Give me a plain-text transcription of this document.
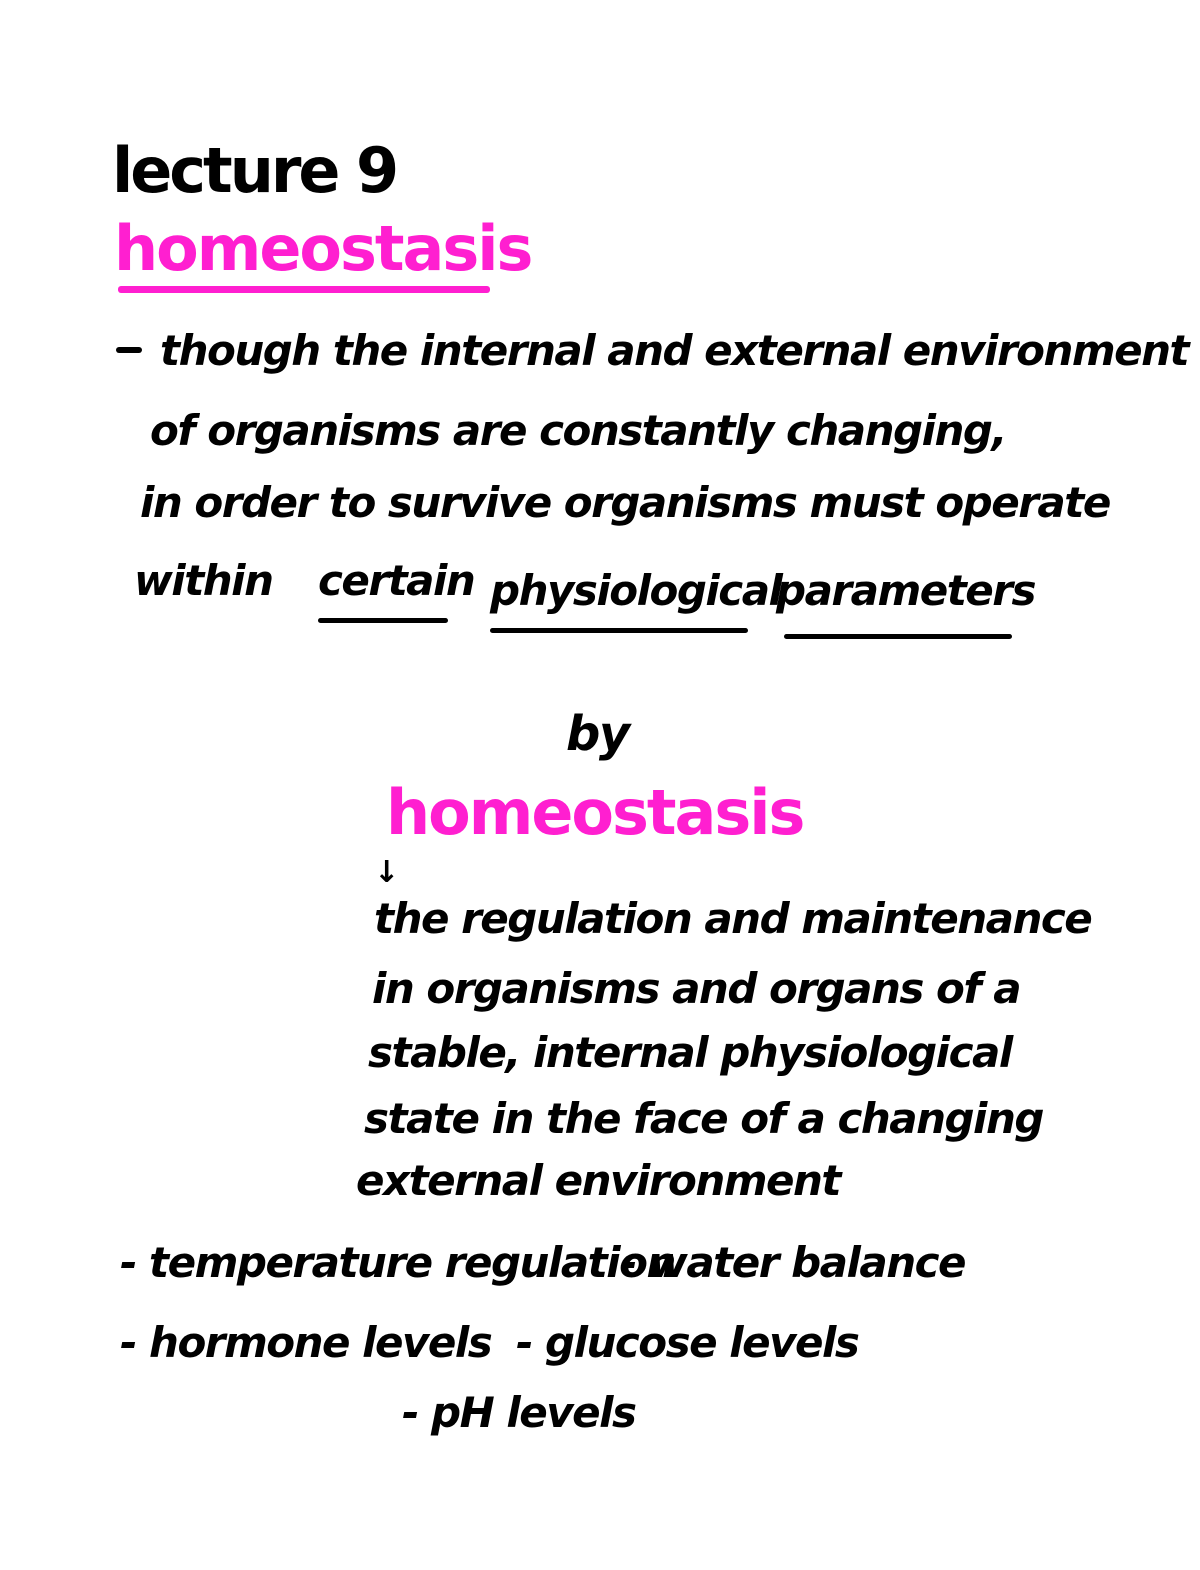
lecture 9
homeostasis
though the internal and external environment
of organisms are constantly changing,
in order to survive organisms must operate
within certain physiological
parameters
by
homeostasis
↓
the regulation and maintenance
in organisms and organs of a
stable, internal physiological
state in the face of a changing
external environment
- temperature regulation
- water balance
- hormone levels - glucose levels
- pH levels
